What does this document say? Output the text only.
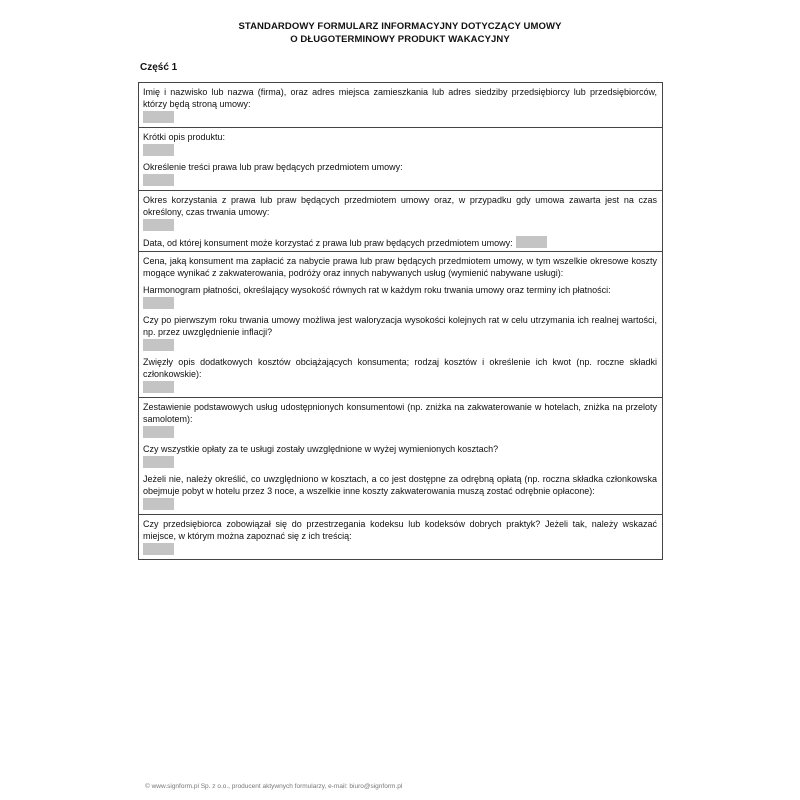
STANDARDOWY FORMULARZ INFORMACYJNY DOTYCZĄCY UMOWY
O DŁUGOTERMINOWY PRODUKT WAKACYJNY
Część 1

Imię i nazwisko lub nazwa (firma), oraz adres miejsca zamieszkania lub adres siedziby przedsiębiorcy lub przedsiębiorców, którzy będą stroną umowy:

Krótki opis produktu:

Określenie treści prawa lub praw będących przedmiotem umowy:

Okres korzystania z prawa lub praw będących przedmiotem umowy oraz, w przypadku gdy umowa zawarta jest na czas określony, czas trwania umowy:

Data, od której konsument może korzystać z prawa lub praw będących przedmiotem umowy:

Cena, jaką konsument ma zapłacić za nabycie prawa lub praw będących przedmiotem umowy, w tym wszelkie okresowe koszty mogące wynikać z zakwaterowania, podróży oraz innych nabywanych usług (wymienić nabywane usługi):

Harmonogram płatności, określający wysokość równych rat w każdym roku trwania umowy oraz terminy ich płatności:

Czy po pierwszym roku trwania umowy możliwa jest waloryzacja wysokości kolejnych rat w celu utrzymania ich realnej wartości, np. przez uwzględnienie inflacji?

Zwięzły opis dodatkowych kosztów obciążających konsumenta; rodzaj kosztów i określenie ich kwot (np. roczne składki członkowskie):

Zestawienie podstawowych usług udostępnionych konsumentowi (np. zniżka na zakwaterowanie w hotelach, zniżka na przeloty samolotem):

Czy wszystkie opłaty za te usługi zostały uwzględnione w wyżej wymienionych kosztach?

Jeżeli nie, należy określić, co uwzględniono w kosztach, a co jest dostępne za odrębną opłatą (np. roczna składka członkowska obejmuje pobyt w hotelu przez 3 noce, a wszelkie inne koszty zakwaterowania muszą zostać odrębnie opłacone):

Czy przedsiębiorca zobowiązał się do przestrzegania kodeksu lub kodeksów dobrych praktyk? Jeżeli tak, należy wskazać miejsce, w którym można zapoznać się z ich treścią:

© www.signform.pl Sp. z o.o., producent aktywnych formularzy, e-mail: biuro@signform.pl
